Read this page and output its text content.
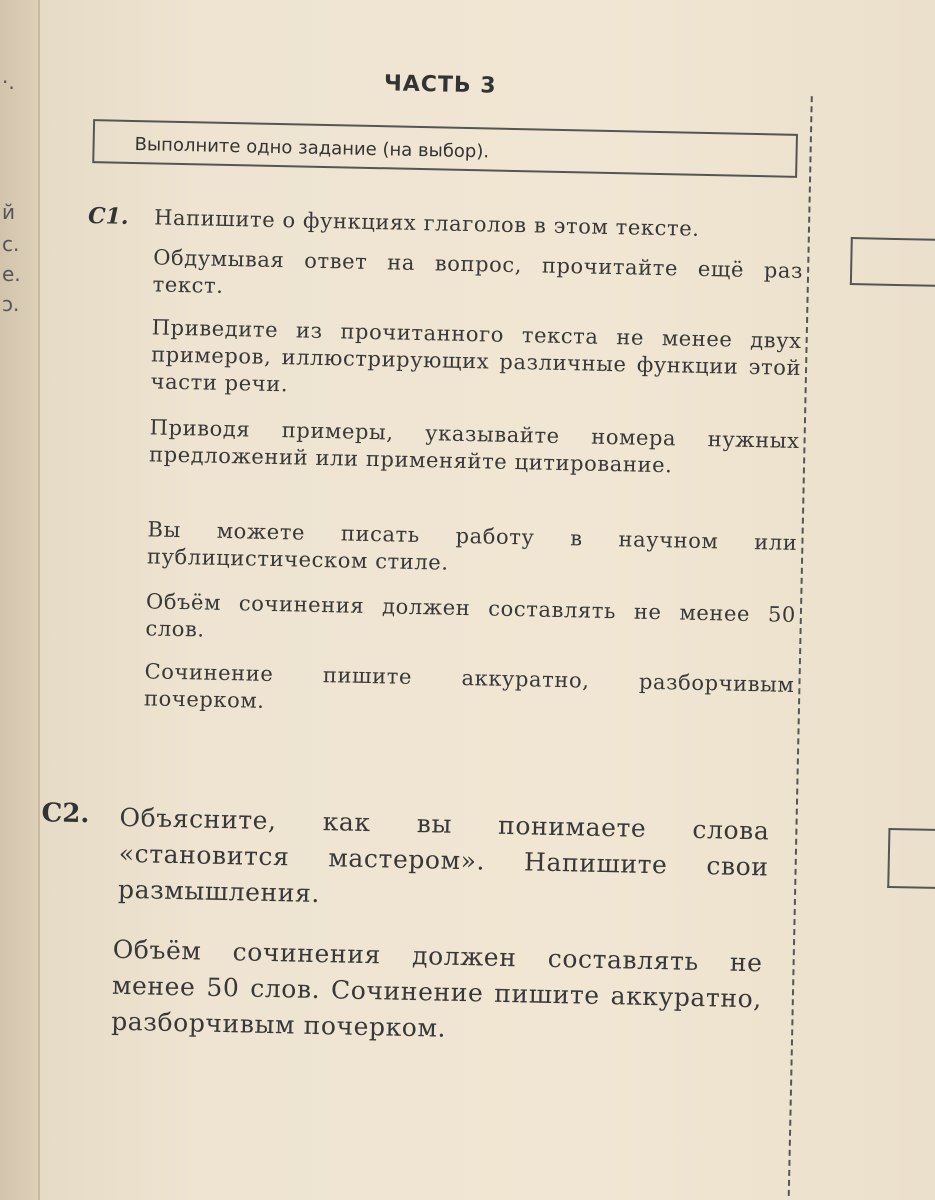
·.
й
с.
е.
ɔ.
ЧАСТЬ 3
Выполните одно задание (на выбор).
С1. Напишите о функциях глаголов в этом тексте.

Обдумывая ответ на вопрос, прочитайте ещё раз текст.

Приведите из прочитанного текста не менее двух примеров, иллюстрирующих различные функции этой части речи.

Приводя примеры, указывайте номера нужных предложений или применяйте цитирование.

Вы можете писать работу в научном или публицистическом стиле.

Объём сочинения должен составлять не менее 50 слов.

Сочинение пишите аккуратно, разборчивым почерком.

С2. Объясните, как вы понимаете слова «становится мастером». Напишите свои размышления.

Объём сочинения должен составлять не менее 50 слов. Сочинение пишите аккуратно, разборчивым почерком.
